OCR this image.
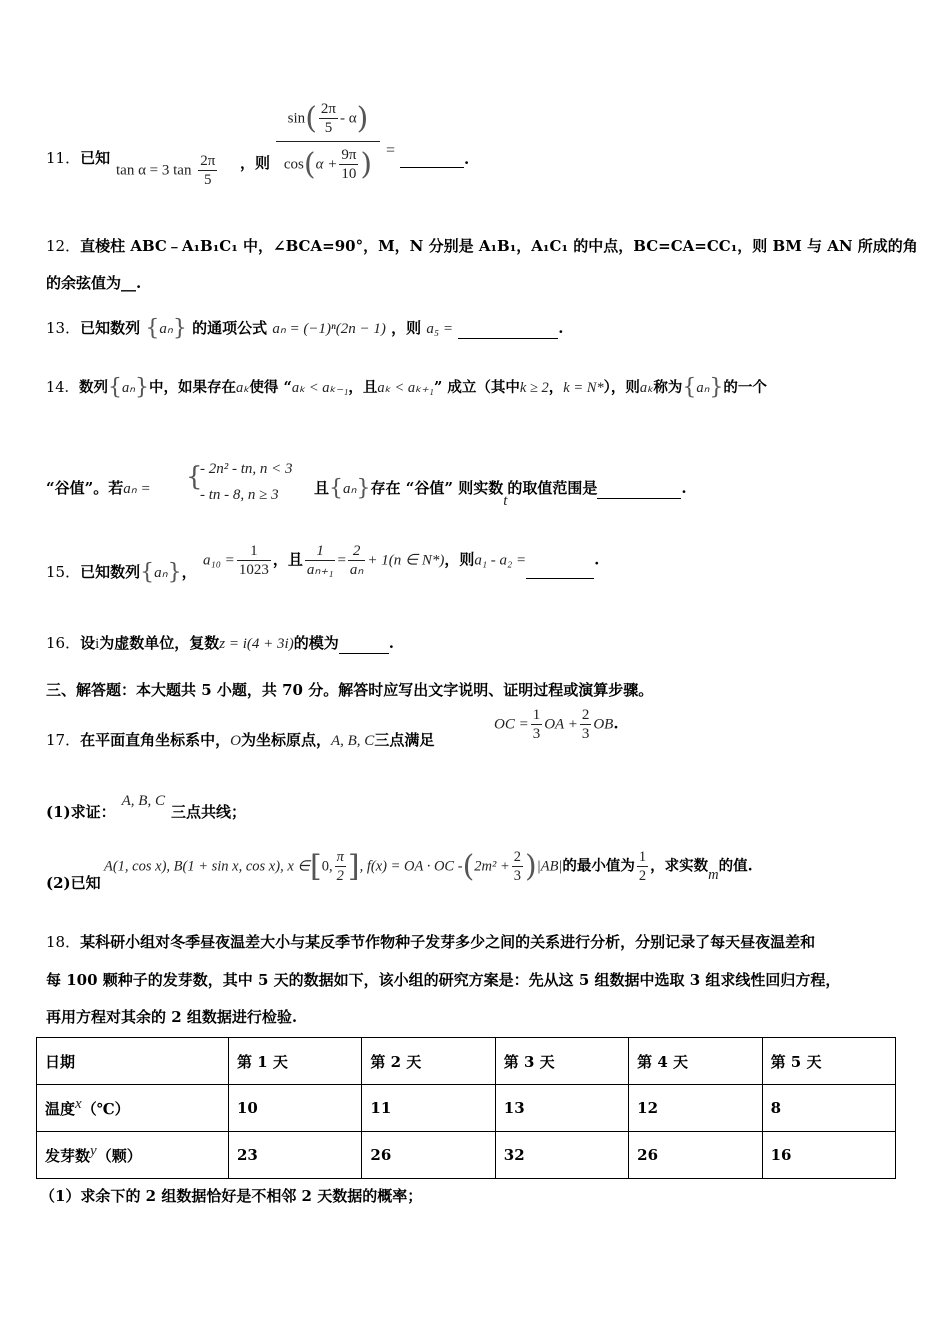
11．已知
tan α = 3 $\tan \frac{2\pi}{5}$ ，则
$\sin( \frac{2\pi}{5} - \alpha)$
$\cos(\alpha + \frac{9\pi}{10}$ ) =	.
12．直棱柱 ABC﹣A₁B₁C₁ 中，∠BCA=90°，M，N 分别是 A₁B₁，A₁C₁ 的中点，BC=CA=CC₁，则 BM 与 AN 所成的角
的余弦值为__.
13．已知数列 {aₙ} 的通项公式 aₙ = (−1)ⁿ(2n − 1) ，则 a₅ =	.
14．数列{aₙ}中，如果存在aₖ使得 “aₖ < aₖ₋₁，且aₖ < aₖ₊₁” 成立（其中k ≥ 2，k = N*），则aₖ称为{aₙ}的一个
“谷值”。若aₙ = {
- 2n² - tn, n < 3
- tn - 8, n ≥ 3	且{aₙ}存在 “谷值” 则实数t的取值范围是	.
15．已知数列{aₙ}，
$a_{10} = \frac{1}{1023}$ ，且 $\frac{1}{\text{aₙ₊₁}} = \frac{2}{\text{aₙ}} + 1(n$ ∈ N*)，则a₁ - a₂ =	.
16．设i为虚数单位，复数z = i(4 + 3i)的模为	.
三、解答题：本大题共 5 小题，共 70 分。解答时应写出文字说明、证明过程或演算步骤。
17．在平面直角坐标系中，O为坐标原点，A, B, C三点满足
OC = $\frac{1}{3}$ OA + $\frac{2}{3}$ OB.
(1)求证：A, B, C三点共线；
(2)已知
A(1, cos x), B(1 + sin x, cos x), x ∈[0, $\frac{\pi}{2}$ ], f(x) = OA · OC $-(2m^2 + \frac{2}{3} )|AB|$的最小值为 $\frac{1}{2}$ ，求实数m的值.
18．某科研小组对冬季昼夜温差大小与某反季节作物种子发芽多少之间的关系进行分析，分别记录了每天昼夜温差和
每 100 颗种子的发芽数，其中 5 天的数据如下，该小组的研究方案是：先从这 5 组数据中选取 3 组求线性回归方程，
再用方程对其余的 2 组数据进行检验.
日期	第 1 天	第 2 天	第 3 天	第 4 天	第 5 天
温度x（℃）	10	11	13	12	8
发芽数y（颗）	23	26	32	26	16
（1）求余下的 2 组数据恰好是不相邻 2 天数据的概率；
